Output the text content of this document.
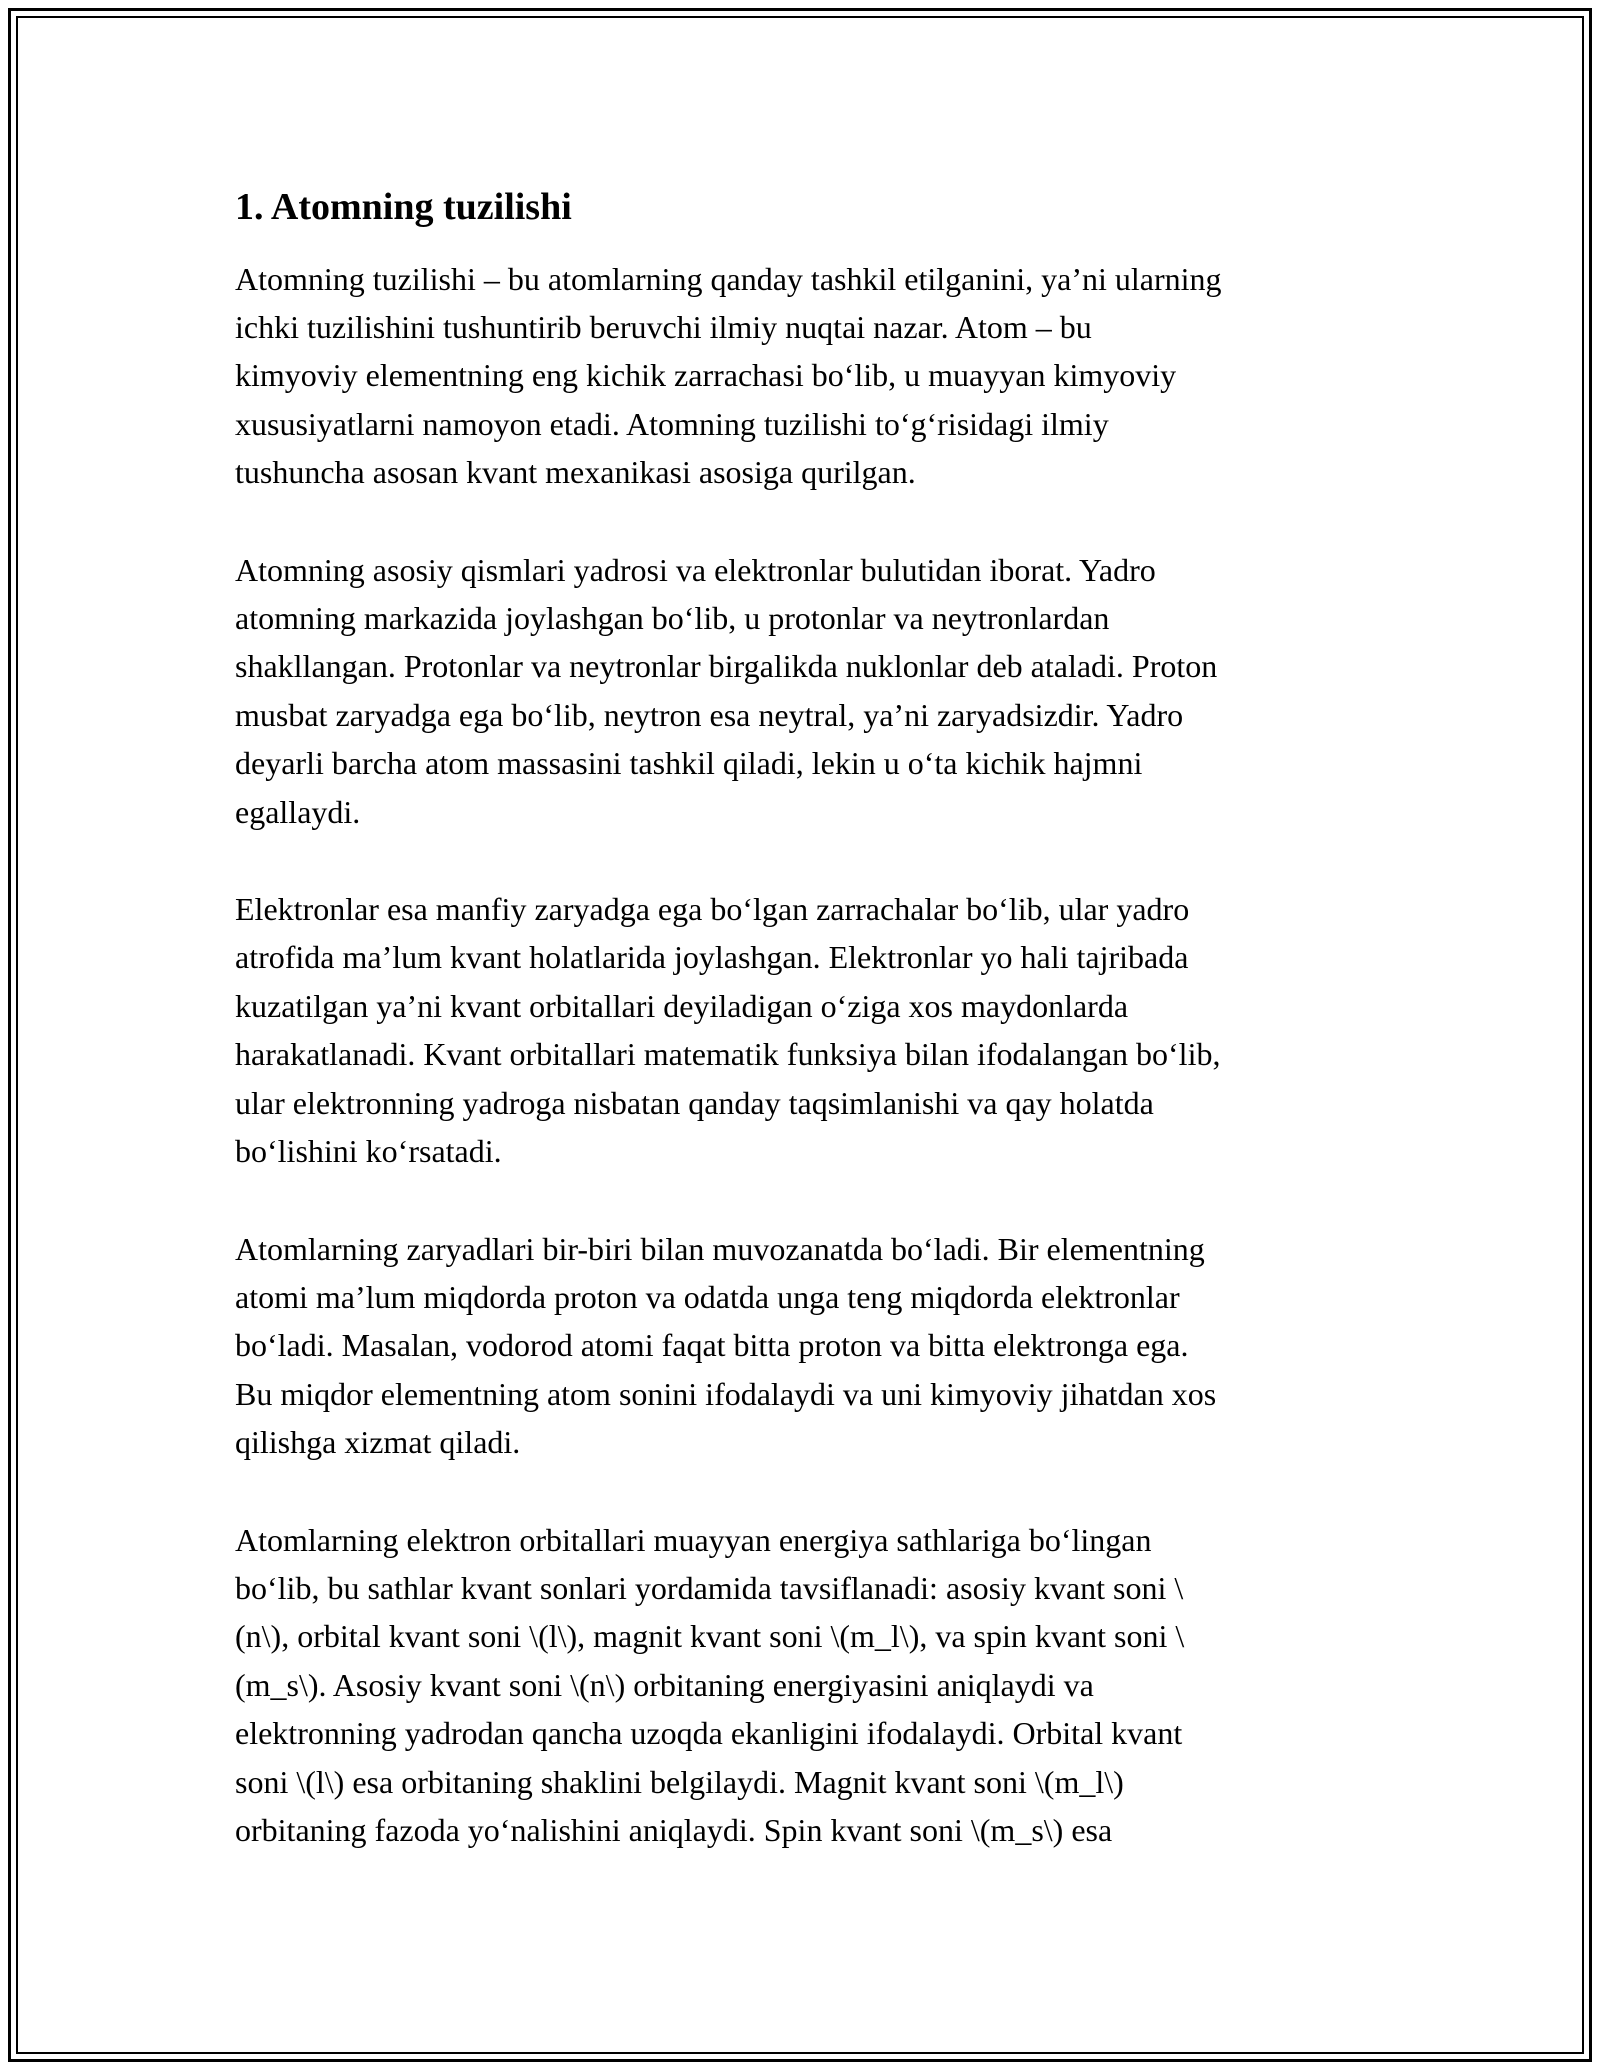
1. Atomning tuzilishi

Atomning tuzilishi – bu atomlarning qanday tashkil etilganini, ya’ni ularning
ichki tuzilishini tushuntirib beruvchi ilmiy nuqtai nazar. Atom – bu
kimyoviy elementning eng kichik zarrachasi bo‘lib, u muayyan kimyoviy
xususiyatlarni namoyon etadi. Atomning tuzilishi to‘g‘risidagi ilmiy
tushuncha asosan kvant mexanikasi asosiga qurilgan.

Atomning asosiy qismlari yadrosi va elektronlar bulutidan iborat. Yadro
atomning markazida joylashgan bo‘lib, u protonlar va neytronlardan
shakllangan. Protonlar va neytronlar birgalikda nuklonlar deb ataladi. Proton
musbat zaryadga ega bo‘lib, neytron esa neytral, ya’ni zaryadsizdir. Yadro
deyarli barcha atom massasini tashkil qiladi, lekin u o‘ta kichik hajmni
egallaydi.

Elektronlar esa manfiy zaryadga ega bo‘lgan zarrachalar bo‘lib, ular yadro
atrofida ma’lum kvant holatlarida joylashgan. Elektronlar yo hali tajribada
kuzatilgan ya’ni kvant orbitallari deyiladigan o‘ziga xos maydonlarda
harakatlanadi. Kvant orbitallari matematik funksiya bilan ifodalangan bo‘lib,
ular elektronning yadroga nisbatan qanday taqsimlanishi va qay holatda
bo‘lishini ko‘rsatadi.

Atomlarning zaryadlari bir-biri bilan muvozanatda bo‘ladi. Bir elementning
atomi ma’lum miqdorda proton va odatda unga teng miqdorda elektronlar
bo‘ladi. Masalan, vodorod atomi faqat bitta proton va bitta elektronga ega.
Bu miqdor elementning atom sonini ifodalaydi va uni kimyoviy jihatdan xos
qilishga xizmat qiladi.

Atomlarning elektron orbitallari muayyan energiya sathlariga bo‘lingan
bo‘lib, bu sathlar kvant sonlari yordamida tavsiflanadi: asosiy kvant soni \
(n\), orbital kvant soni \(l\), magnit kvant soni \(m_l\), va spin kvant soni \
(m_s\). Asosiy kvant soni \(n\) orbitaning energiyasini aniqlaydi va
elektronning yadrodan qancha uzoqda ekanligini ifodalaydi. Orbital kvant
soni \(l\) esa orbitaning shaklini belgilaydi. Magnit kvant soni \(m_l\)
orbitaning fazoda yo‘nalishini aniqlaydi. Spin kvant soni \(m_s\) esa
